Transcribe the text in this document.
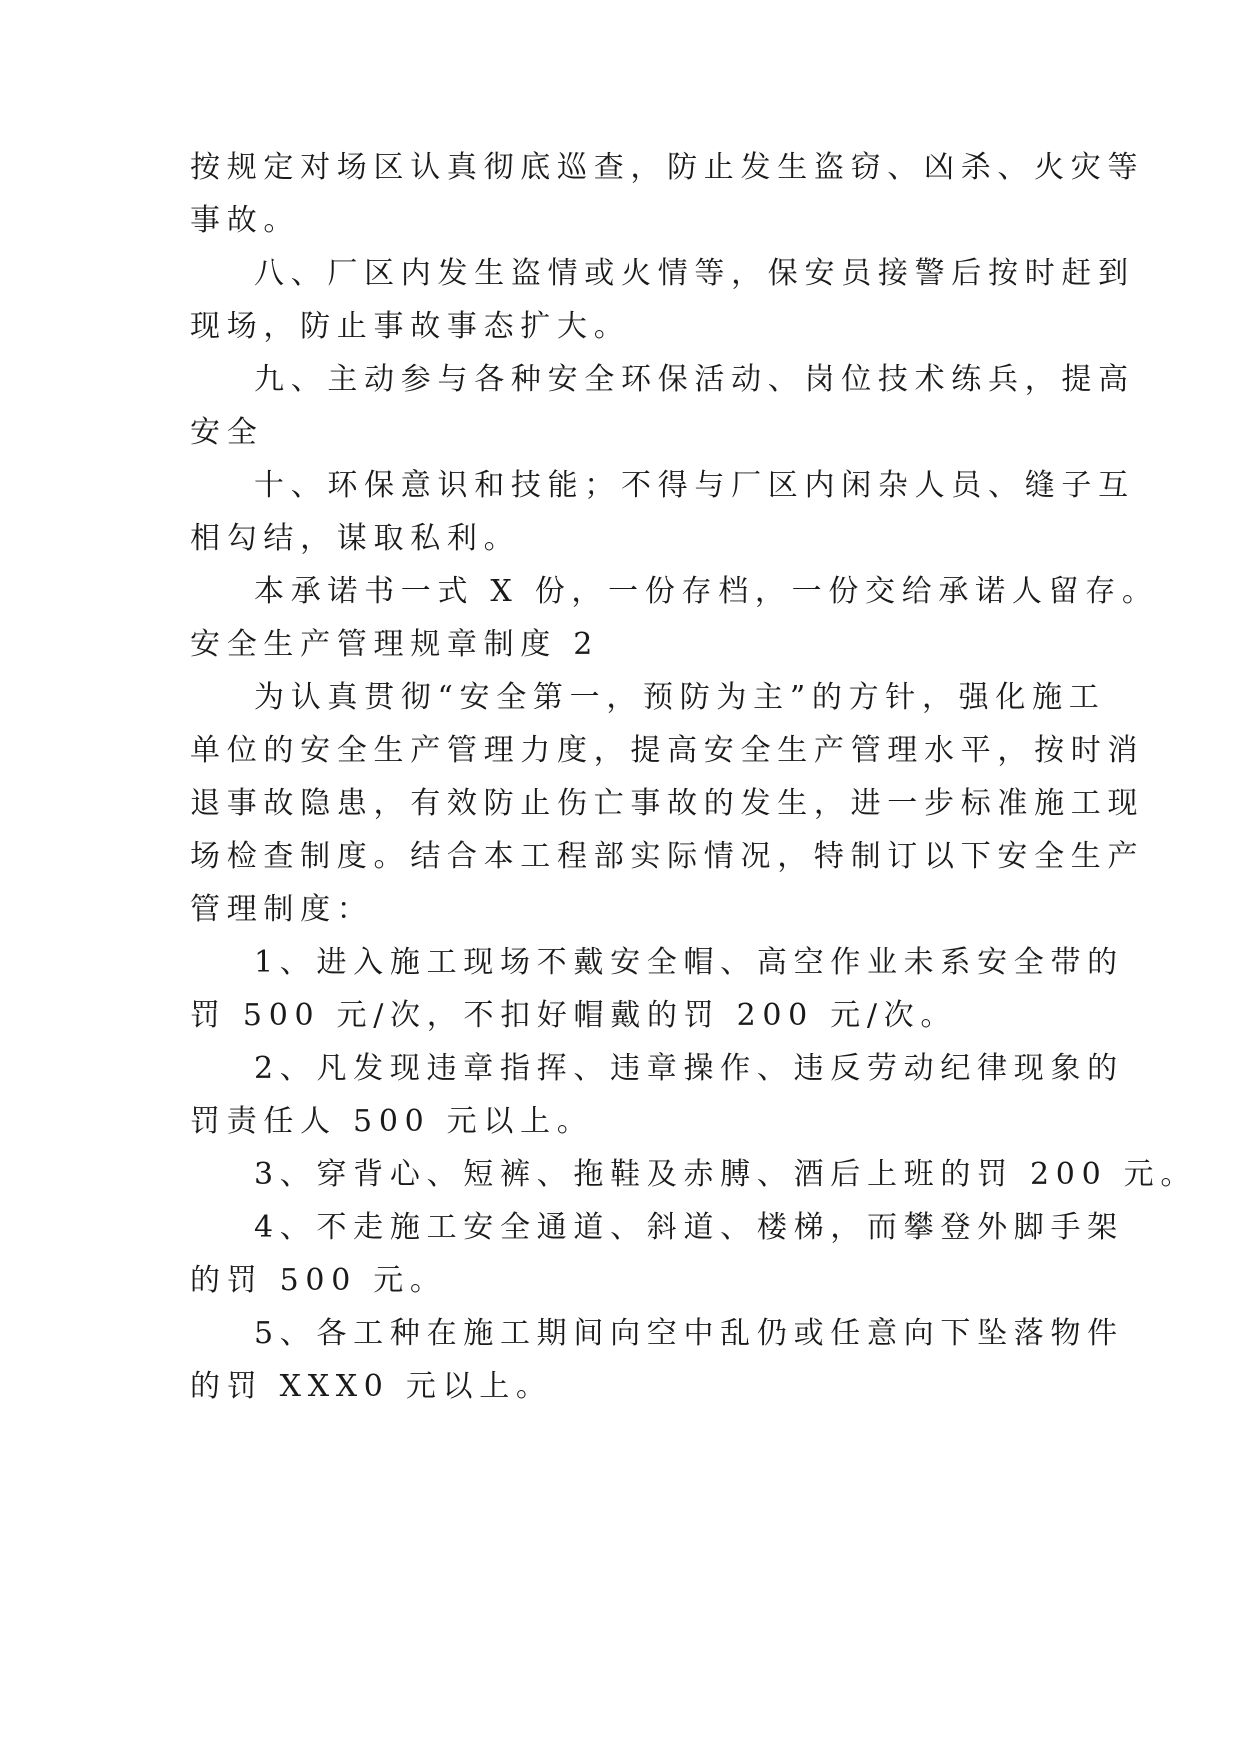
按规定对场区认真彻底巡查，防止发生盗窃、凶杀、火灾等
事故。
八、厂区内发生盗情或火情等，保安员接警后按时赶到
现场，防止事故事态扩大。
九、主动参与各种安全环保活动、岗位技术练兵，提高
安全
十、环保意识和技能；不得与厂区内闲杂人员、缝子互
相勾结，谋取私利。
本承诺书一式 X 份，一份存档，一份交给承诺人留存。
安全生产管理规章制度 2
为认真贯彻“安全第一，预防为主”的方针，强化施工
单位的安全生产管理力度，提高安全生产管理水平，按时消
退事故隐患，有效防止伤亡事故的发生，进一步标准施工现
场检查制度。结合本工程部实际情况，特制订以下安全生产
管理制度：
1、进入施工现场不戴安全帽、高空作业未系安全带的
罚 500 元/次，不扣好帽戴的罚 200 元/次。
2、凡发现违章指挥、违章操作、违反劳动纪律现象的
罚责任人 500 元以上。
3、穿背心、短裤、拖鞋及赤膊、酒后上班的罚 200 元。
4、不走施工安全通道、斜道、楼梯，而攀登外脚手架
的罚 500 元。
5、各工种在施工期间向空中乱仍或任意向下坠落物件
的罚 XXX0 元以上。
